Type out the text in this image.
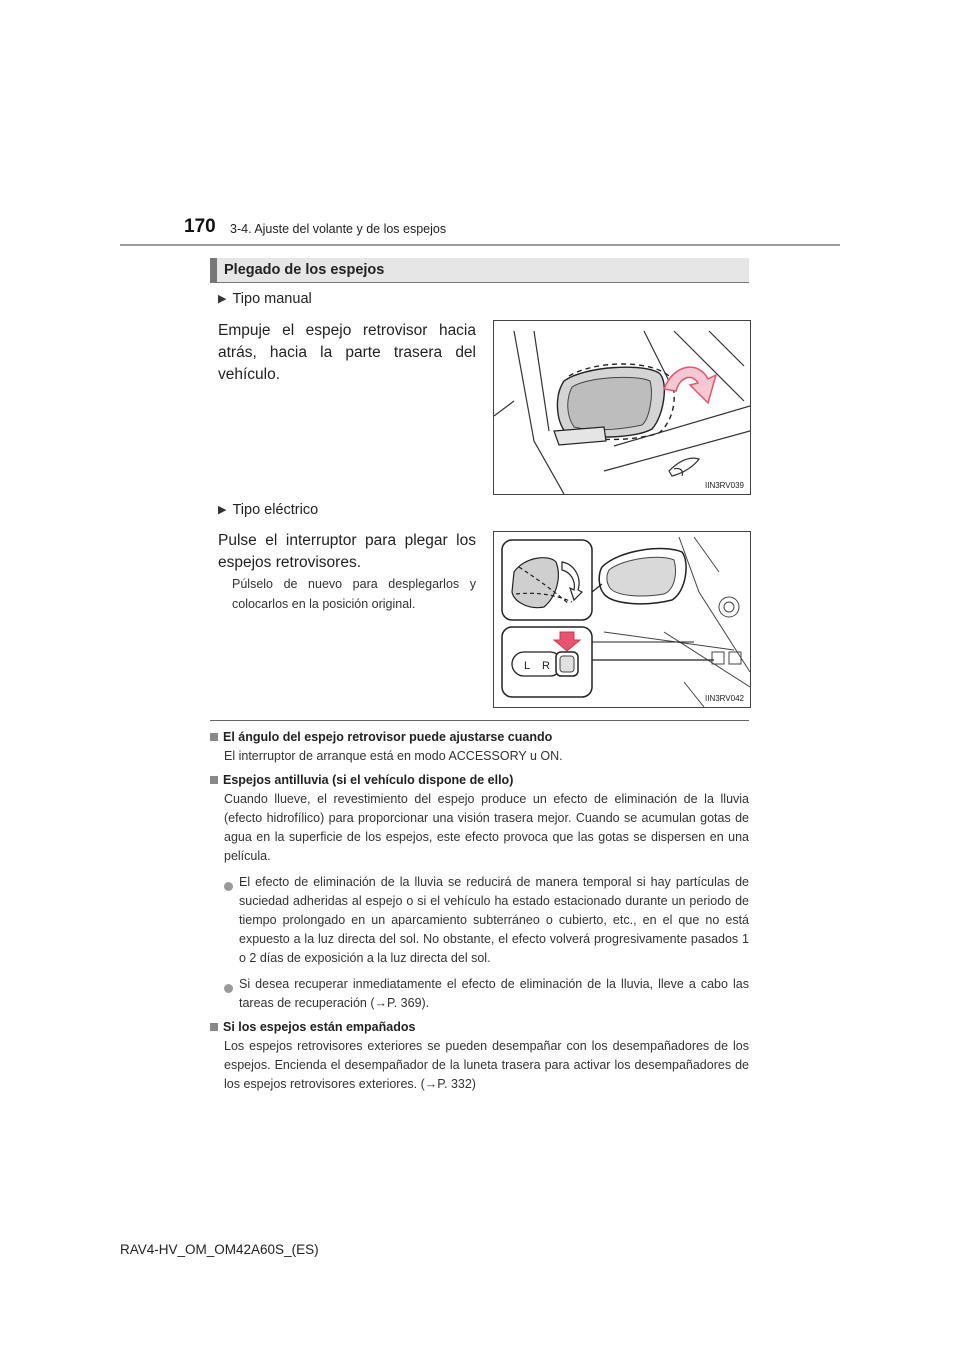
170 3-4. Ajuste del volante y de los espejos
Plegado de los espejos
▶ Tipo manual
Empuje el espejo retrovisor hacia atrás, hacia la parte trasera del vehículo.
IIN3RV039
▶ Tipo eléctrico
Pulse el interruptor para plegar los espejos retrovisores.
Púlselo de nuevo para desplegarlos y colocarlos en la posición original.
L R
IIN3RV042
El ángulo del espejo retrovisor puede ajustarse cuando
El interruptor de arranque está en modo ACCESSORY u ON.
Espejos antilluvia (si el vehículo dispone de ello)
Cuando llueve, el revestimiento del espejo produce un efecto de eliminación de la lluvia (efecto hidrofílico) para proporcionar una visión trasera mejor. Cuando se acumulan gotas de agua en la superficie de los espejos, este efecto provoca que las gotas se dispersen en una película.
El efecto de eliminación de la lluvia se reducirá de manera temporal si hay partículas de suciedad adheridas al espejo o si el vehículo ha estado estacionado durante un periodo de tiempo prolongado en un aparcamiento subterráneo o cubierto, etc., en el que no está expuesto a la luz directa del sol. No obstante, el efecto volverá progresivamente pasados 1 o 2 días de exposición a la luz directa del sol.
Si desea recuperar inmediatamente el efecto de eliminación de la lluvia, lleve a cabo las tareas de recuperación (→P. 369).
Si los espejos están empañados
Los espejos retrovisores exteriores se pueden desempañar con los desempañadores de los espejos. Encienda el desempañador de la luneta trasera para activar los desempañadores de los espejos retrovisores exteriores. (→P. 332)
RAV4-HV_OM_OM42A60S_(ES)
